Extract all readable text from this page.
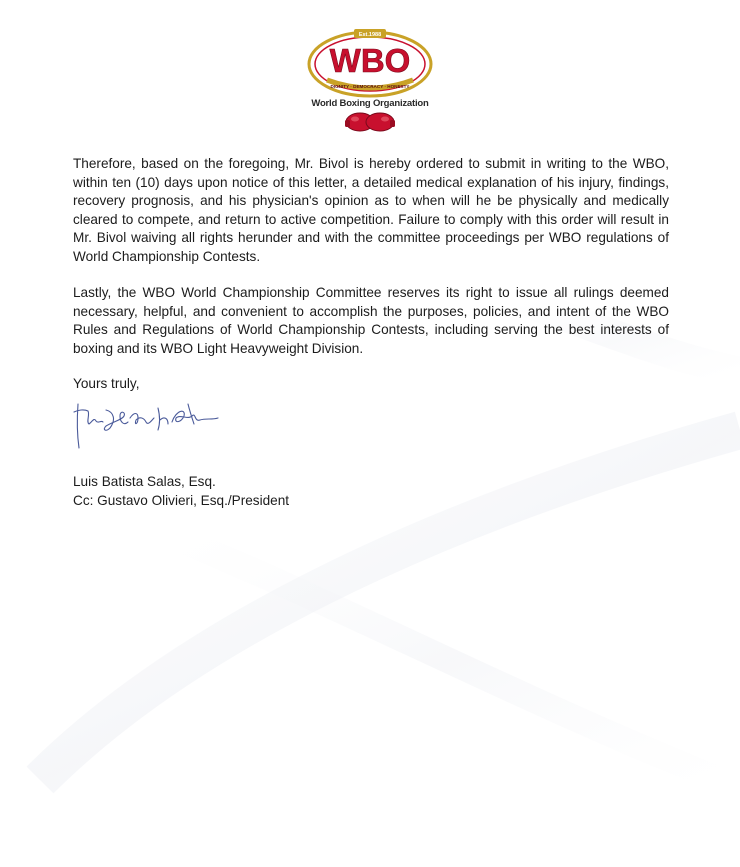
Est.1988
WBO
DIGNITY · DEMOCRACY · HONESTY
World Boxing Organization

Therefore, based on the foregoing, Mr. Bivol is hereby ordered to submit in writing to the WBO, within ten (10) days upon notice of this letter, a detailed medical explanation of his injury, findings, recovery prognosis, and his physician's opinion as to when will he be physically and medically cleared to compete, and return to active competition. Failure to comply with this order will result in Mr. Bivol waiving all rights herunder and with the committee proceedings per WBO regulations of World Championship Contests.

Lastly, the WBO World Championship Committee reserves its right to issue all rulings deemed necessary, helpful, and convenient to accomplish the purposes, policies, and intent of the WBO Rules and Regulations of World Championship Contests, including serving the best interests of boxing and its WBO Light Heavyweight Division.

Yours truly,
Luis Batista Salas, Esq.
Cc: Gustavo Olivieri, Esq./President
